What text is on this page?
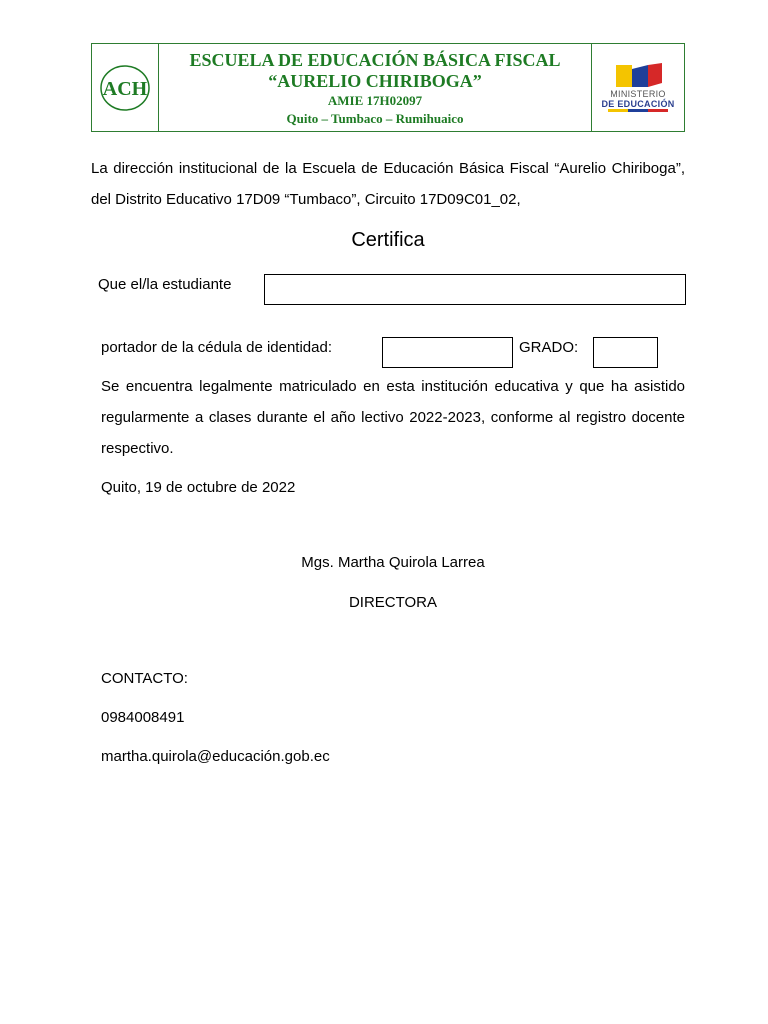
ACH
ESCUELA DE EDUCACIÓN BÁSICA FISCAL
“AURELIO CHIRIBOGA”
AMIE 17H02097
Quito – Tumbaco – Rumihuaico
MINISTERIO
DE EDUCACIÓN
La dirección institucional de la Escuela de Educación Básica Fiscal “Aurelio Chiriboga”, del Distrito Educativo 17D09 “Tumbaco”, Circuito 17D09C01_02,
Certifica
Que el/la estudiante
portador de la cédula de identidad:	GRADO:
Se encuentra legalmente matriculado en esta institución educativa y que ha asistido regularmente a clases durante el año lectivo 2022-2023, conforme al registro docente respectivo.
Quito, 19 de octubre de 2022
Mgs. Martha Quirola Larrea
DIRECTORA
CONTACTO:
0984008491
martha.quirola@educación.gob.ec
